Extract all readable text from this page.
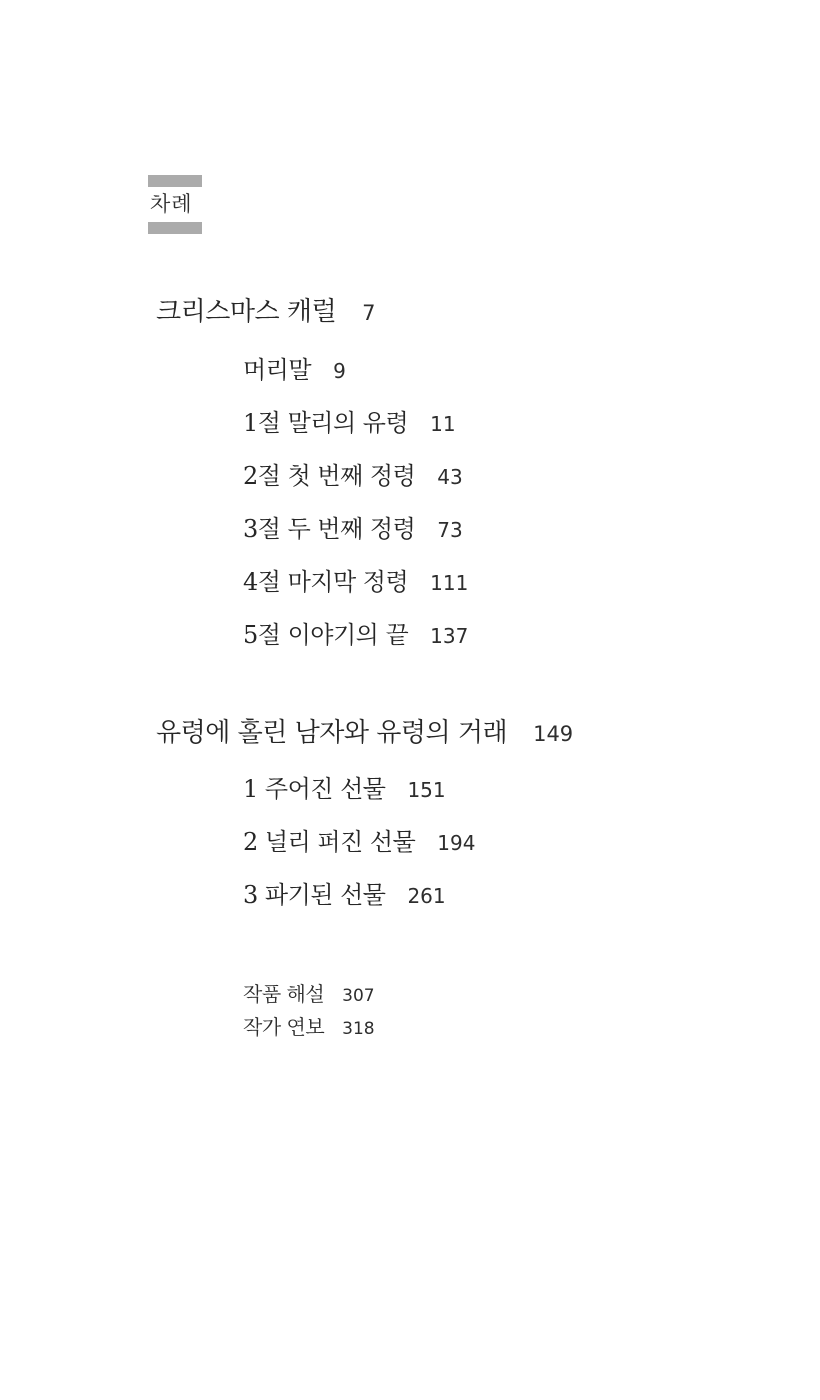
차례
크리스마스 캐럴 7
머리말 9
1절 말리의 유령 11
2절 첫 번째 정령 43
3절 두 번째 정령 73
4절 마지막 정령 111
5절 이야기의 끝 137
유령에 홀린 남자와 유령의 거래 149
1 주어진 선물 151
2 널리 퍼진 선물 194
3 파기된 선물 261
작품 해설 307
작가 연보 318
